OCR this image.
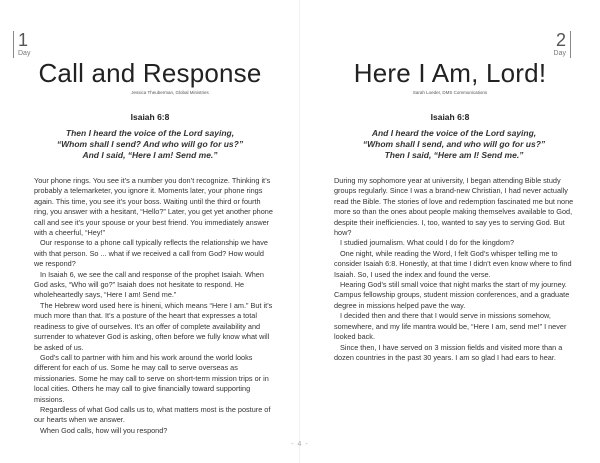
1
Day
Call and Response
Jessica Theuberman, Global Ministries
Isaiah 6:8
Then I heard the voice of the Lord saying,
“Whom shall I send? And who will go for us?”
And I said, “Here I am! Send me.”

Your phone rings. You see it’s a number you don’t recognize. Thinking it’s probably a telemarketer, you ignore it. Moments later, your phone rings again. This time, you see it’s your boss. Waiting until the third or fourth ring, you answer with a hesitant, “Hello?” Later, you get yet another phone call and see it’s your spouse or your best friend. You immediately answer with a cheerful, “Hey!”

Our response to a phone call typically reflects the relationship we have with that person. So ... what if we received a call from God? How would we respond?

In Isaiah 6, we see the call and response of the prophet Isaiah. When God asks, “Who will go?” Isaiah does not hesitate to respond. He wholeheartedly says, “Here I am! Send me.”

The Hebrew word used here is hineni, which means “Here I am.” But it’s much more than that. It’s a posture of the heart that expresses a total readiness to give of ourselves. It’s an offer of complete availability and surrender to whatever God is asking, often before we fully know what will be asked of us.

God’s call to partner with him and his work around the world looks different for each of us. Some he may call to serve overseas as missionaries. Some he may call to serve on short-term mission trips or in local cities. Others he may call to give financially toward supporting missions.

Regardless of what God calls us to, what matters most is the posture of our hearts when we answer.

When God calls, how will you respond?

2
Day
Here I Am, Lord!
Sarah Loeder, DMS Communications
Isaiah 6:8
And I heard the voice of the Lord saying,
“Whom shall I send, and who will go for us?”
Then I said, “Here am I! Send me.”

During my sophomore year at university, I began attending Bible study groups regularly. Since I was a brand-new Christian, I had never actually read the Bible. The stories of love and redemption fascinated me but none more so than the ones about people making themselves available to God, despite their inefficiencies. I, too, wanted to say yes to serving God. But how?

I studied journalism. What could I do for the kingdom?

One night, while reading the Word, I felt God’s whisper telling me to consider Isaiah 6:8. Honestly, at that time I didn’t even know where to find Isaiah. So, I used the index and found the verse.

Hearing God’s still small voice that night marks the start of my journey. Campus fellowship groups, student mission conferences, and a graduate degree in missions helped pave the way.

I decided then and there that I would serve in missions somehow, somewhere, and my life mantra would be, “Here I am, send me!” I never looked back.

Since then, I have served on 3 mission fields and visited more than a dozen countries in the past 30 years. I am so glad I had ears to hear.

- 4 -
